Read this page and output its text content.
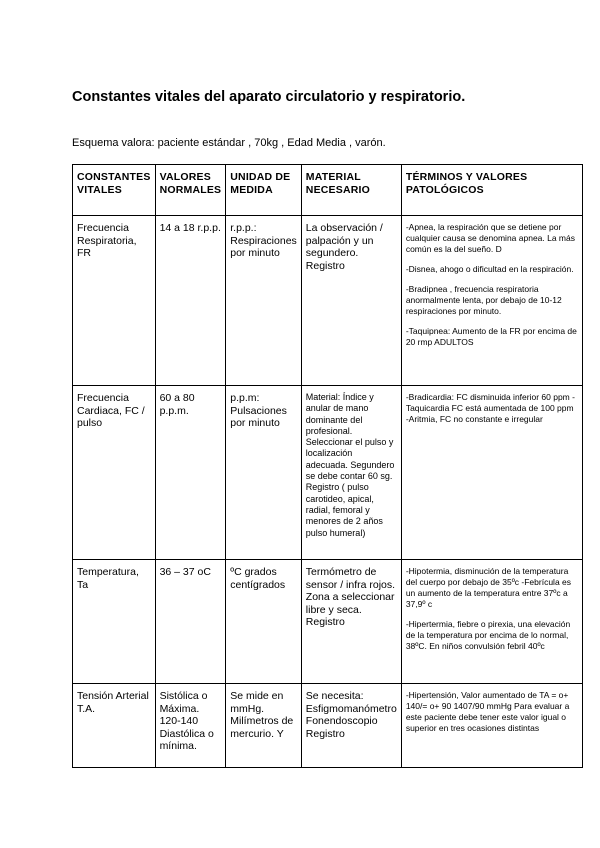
Constantes vitales del aparato circulatorio y respiratorio.
Esquema valora: paciente estándar , 70kg , Edad Media , varón.
CONSTANTES VITALES	VALORES NORMALES	UNIDAD DE MEDIDA	MATERIAL NECESARIO	TÉRMINOS Y VALORES PATOLÓGICOS
Frecuencia Respiratoria, FR	14 a 18 r.p.p.	r.p.p.: Respiraciones por minuto	La observación / palpación y un segundero. Registro	-Apnea, la respiración que se detiene por cualquier causa se denomina apnea. La más común es la del sueño. D

-Disnea, ahogo o dificultad en la respiración.

-Bradipnea , frecuencia respiratoria anormalmente lenta, por debajo de 10-12 respiraciones por minuto.

-Taquipnea: Aumento de la FR por encima de 20 rmp ADULTOS

Frecuencia Cardiaca, FC / pulso	60 a 80 p.p.m.	p.p.m: Pulsaciones por minuto	Material: Índice y anular de mano dominante del profesional. Seleccionar el pulso y localización adecuada. Segundero se debe contar 60 sg. Registro ( pulso carotideo, apical, radial, femoral y menores de 2 años pulso humeral)	-Bradicardia: FC disminuida inferior 60 ppm -Taquicardia FC está aumentada de 100 ppm -Aritmia, FC no constante e irregular

Temperatura, Ta	36 – 37 oC	ºC grados centígrados	Termómetro de sensor / infra rojos. Zona a seleccionar libre y seca. Registro	-Hipotermia, disminución de la temperatura del cuerpo por debajo de 35ºc -Febrícula es un aumento de la temperatura entre 37ºc a 37,9º c

-Hipertermia, fiebre o pirexia, una elevación de la temperatura por encima de lo normal, 38ºC. En niños convulsión febril 40ºc

Tensión Arterial T.A.	Sistólica o Máxima. 120-140 Diastólica o mínima.	Se mide en mmHg. Milímetros de mercurio. Y	Se necesita: Esfigmomanómetro Fonendoscopio Registro	-Hipertensión, Valor aumentado de TA = o+ 140/= o+ 90 1407/90 mmHg Para evaluar a este paciente debe tener este valor igual o superior en tres ocasiones distintas
